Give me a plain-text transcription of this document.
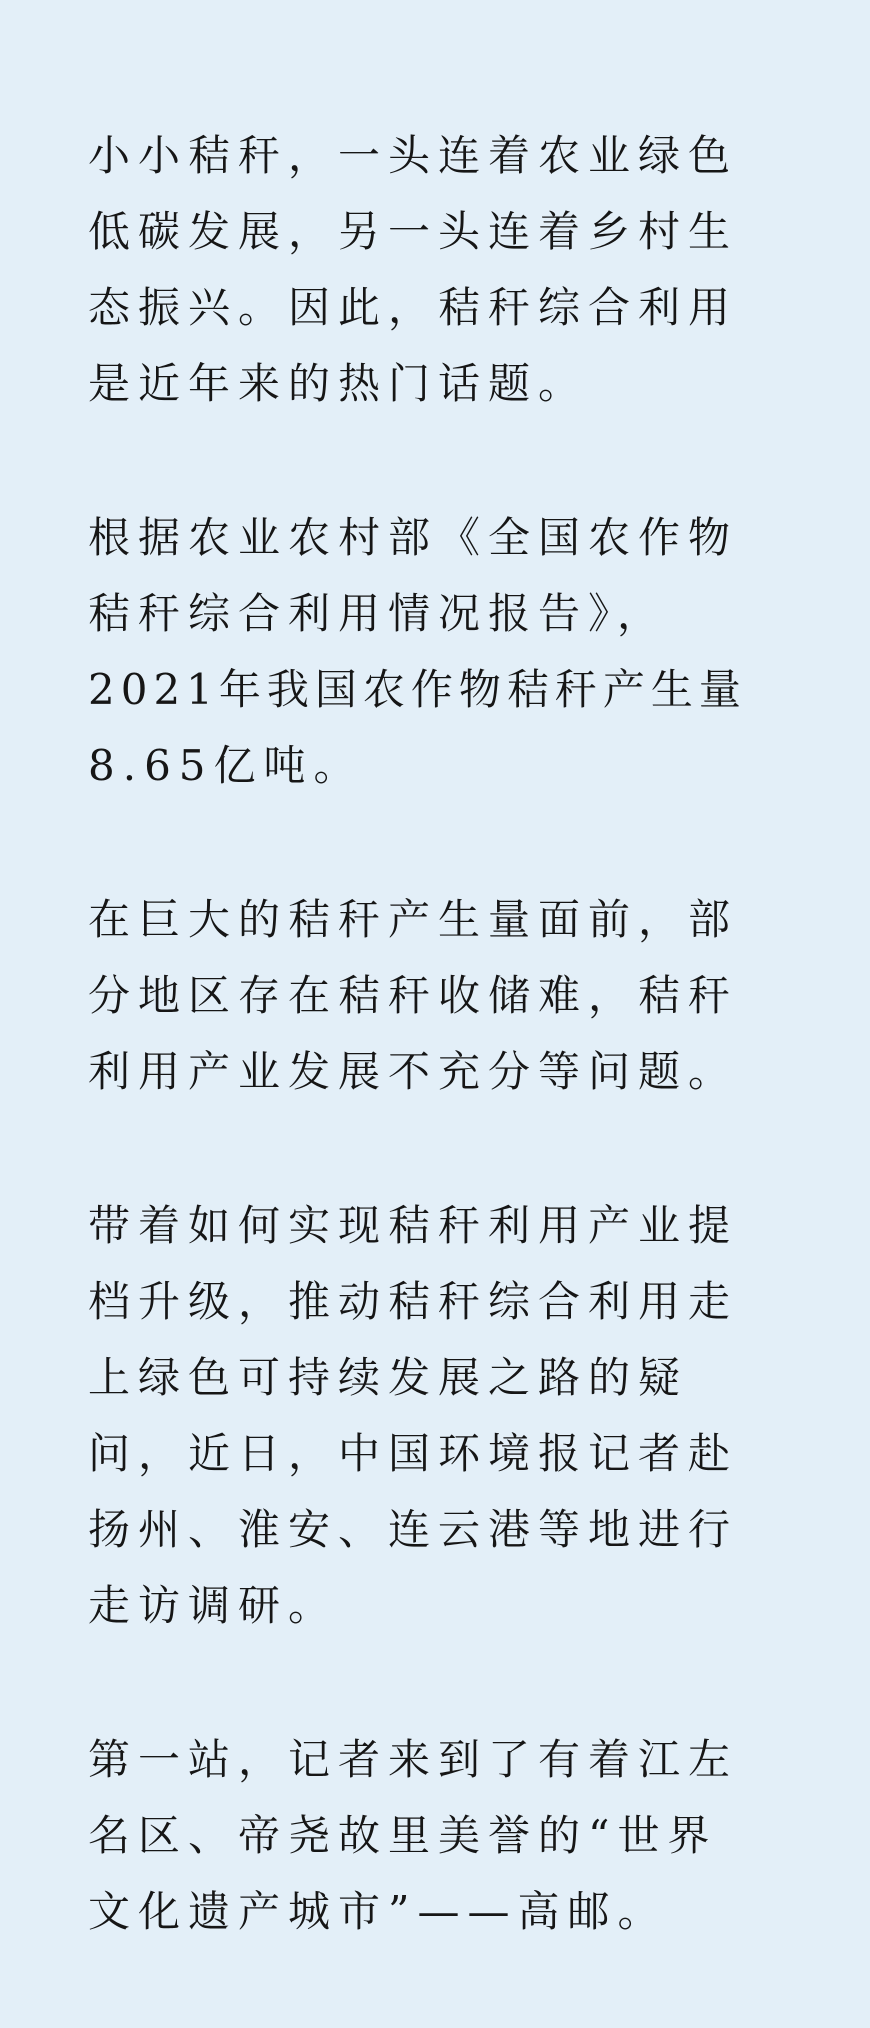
小小秸秆，一头连着农业绿色
低碳发展，另一头连着乡村生
态振兴。因此，秸秆综合利用
是近年来的热门话题。
根据农业农村部《全国农作物
秸秆综合利用情况报告》，
2021年我国农作物秸秆产生量
8.65亿吨。
在巨大的秸秆产生量面前，部
分地区存在秸秆收储难，秸秆
利用产业发展不充分等问题。
带着如何实现秸秆利用产业提
档升级，推动秸秆综合利用走
上绿色可持续发展之路的疑
问，近日，中国环境报记者赴
扬州、淮安、连云港等地进行
走访调研。
第一站，记者来到了有着江左
名区、帝尧故里美誉的“世界
文化遗产城市”——高邮。
